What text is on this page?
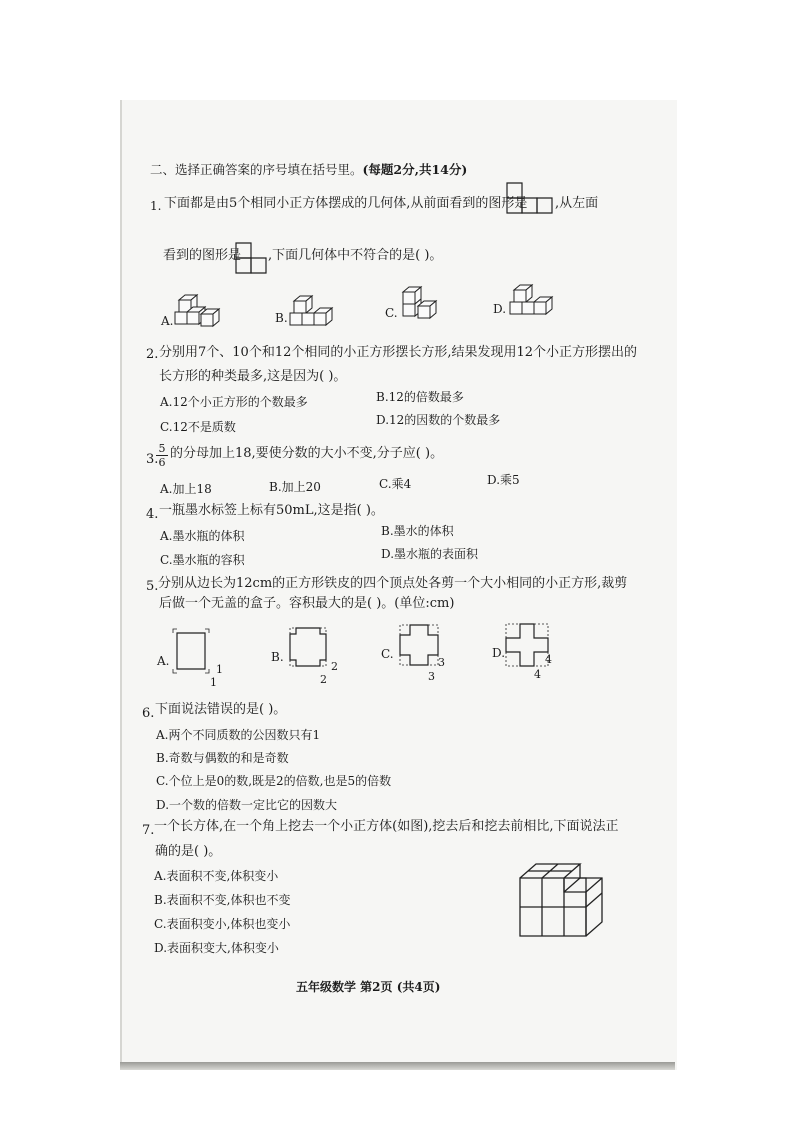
二、选择正确答案的序号填在括号里。(每题2分,共14分)
1. 下面都是由5个相同小正方体摆成的几何体,从前面看到的图形是 ,从左面
看到的图形是 ,下面几何体中不符合的是( )。
A.	B.	C.	D.
2. 分别用7个、10个和12个相同的小正方形摆长方形,结果发现用12个小正方形摆出的
长方形的种类最多,这是因为( )。
A.12个小正方形的个数最多	B.12的倍数最多
C.12不是质数	D.12的因数的个数最多
3.
5
6
的分母加上18,要使分数的大小不变,分子应( )。
A.加上18	B.加上20	C.乘4	D.乘5
4. 一瓶墨水标签上标有50mL,这是指( )。
A.墨水瓶的体积	B.墨水的体积
C.墨水瓶的容积	D.墨水瓶的表面积
5. 分别从边长为12cm的正方形铁皮的四个顶点处各剪一个大小相同的小正方形,裁剪
后做一个无盖的盒子。容积最大的是( )。(单位:cm)
A.
1
1
B.
2
2
C.
3
3
D.	4
4
6. 下面说法错误的是( )。
A.两个不同质数的公因数只有1
B.奇数与偶数的和是奇数
C.个位上是0的数,既是2的倍数,也是5的倍数
D.一个数的倍数一定比它的因数大
7. 一个长方体,在一个角上挖去一个小正方体(如图),挖去后和挖去前相比,下面说法正
确的是( )。
A.表面积不变,体积变小
B.表面积不变,体积也不变
C.表面积变小,体积也变小
D.表面积变大,体积变小
五年级数学 第2页 (共4页)
